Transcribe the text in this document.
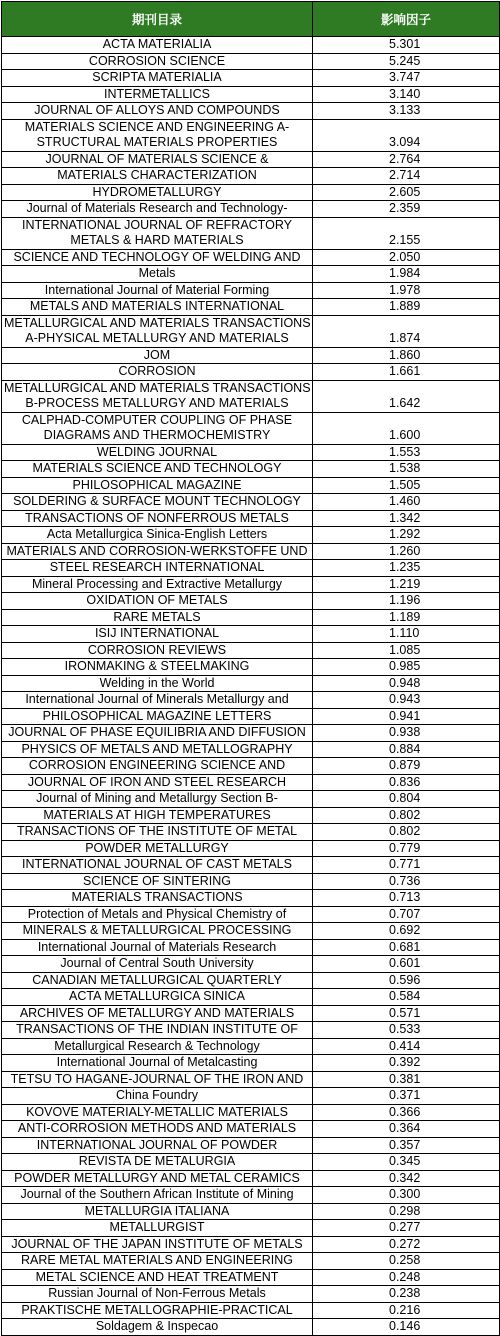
期刊目录	影响因子

ACTA MATERIALIA	5.301

CORROSION SCIENCE	5.245

SCRIPTA MATERIALIA	3.747

INTERMETALLICS	3.140

JOURNAL OF ALLOYS AND COMPOUNDS	3.133

MATERIALS SCIENCE AND ENGINEERING A-
STRUCTURAL MATERIALS PROPERTIES	3.094

JOURNAL OF MATERIALS SCIENCE &	2.764

MATERIALS CHARACTERIZATION	2.714

HYDROMETALLURGY	2.605

Journal of Materials Research and Technology-	2.359

INTERNATIONAL JOURNAL OF REFRACTORY
METALS & HARD MATERIALS	2.155

SCIENCE AND TECHNOLOGY OF WELDING AND	2.050

Metals	1.984

International Journal of Material Forming	1.978

METALS AND MATERIALS INTERNATIONAL	1.889

METALLURGICAL AND MATERIALS TRANSACTIONS
A-PHYSICAL METALLURGY AND MATERIALS	1.874

JOM	1.860

CORROSION	1.661

METALLURGICAL AND MATERIALS TRANSACTIONS
B-PROCESS METALLURGY AND MATERIALS	1.642

CALPHAD-COMPUTER COUPLING OF PHASE
DIAGRAMS AND THERMOCHEMISTRY	1.600

WELDING JOURNAL	1.553

MATERIALS SCIENCE AND TECHNOLOGY	1.538

PHILOSOPHICAL MAGAZINE	1.505

SOLDERING & SURFACE MOUNT TECHNOLOGY	1.460

TRANSACTIONS OF NONFERROUS METALS	1.342

Acta Metallurgica Sinica-English Letters	1.292

MATERIALS AND CORROSION-WERKSTOFFE UND	1.260

STEEL RESEARCH INTERNATIONAL	1.235

Mineral Processing and Extractive Metallurgy	1.219

OXIDATION OF METALS	1.196

RARE METALS	1.189

ISIJ INTERNATIONAL	1.110

CORROSION REVIEWS	1.085

IRONMAKING & STEELMAKING	0.985

Welding in the World	0.948

International Journal of Minerals Metallurgy and	0.943

PHILOSOPHICAL MAGAZINE LETTERS	0.941

JOURNAL OF PHASE EQUILIBRIA AND DIFFUSION	0.938

PHYSICS OF METALS AND METALLOGRAPHY	0.884

CORROSION ENGINEERING SCIENCE AND	0.879

JOURNAL OF IRON AND STEEL RESEARCH	0.836

Journal of Mining and Metallurgy Section B-	0.804

MATERIALS AT HIGH TEMPERATURES	0.802

TRANSACTIONS OF THE INSTITUTE OF METAL	0.802

POWDER METALLURGY	0.779

INTERNATIONAL JOURNAL OF CAST METALS	0.771

SCIENCE OF SINTERING	0.736

MATERIALS TRANSACTIONS	0.713

Protection of Metals and Physical Chemistry of	0.707

MINERALS & METALLURGICAL PROCESSING	0.692

International Journal of Materials Research	0.681

Journal of Central South University	0.601

CANADIAN METALLURGICAL QUARTERLY	0.596

ACTA METALLURGICA SINICA	0.584

ARCHIVES OF METALLURGY AND MATERIALS	0.571

TRANSACTIONS OF THE INDIAN INSTITUTE OF	0.533

Metallurgical Research & Technology	0.414

International Journal of Metalcasting	0.392

TETSU TO HAGANE-JOURNAL OF THE IRON AND	0.381

China Foundry	0.371

KOVOVE MATERIALY-METALLIC MATERIALS	0.366

ANTI-CORROSION METHODS AND MATERIALS	0.364

INTERNATIONAL JOURNAL OF POWDER	0.357

REVISTA DE METALURGIA	0.345

POWDER METALLURGY AND METAL CERAMICS	0.342

Journal of the Southern African Institute of Mining	0.300

METALLURGIA ITALIANA	0.298

METALLURGIST	0.277

JOURNAL OF THE JAPAN INSTITUTE OF METALS	0.272

RARE METAL MATERIALS AND ENGINEERING	0.258

METAL SCIENCE AND HEAT TREATMENT	0.248

Russian Journal of Non-Ferrous Metals	0.238

PRAKTISCHE METALLOGRAPHIE-PRACTICAL	0.216

Soldagem & Inspecao	0.146
